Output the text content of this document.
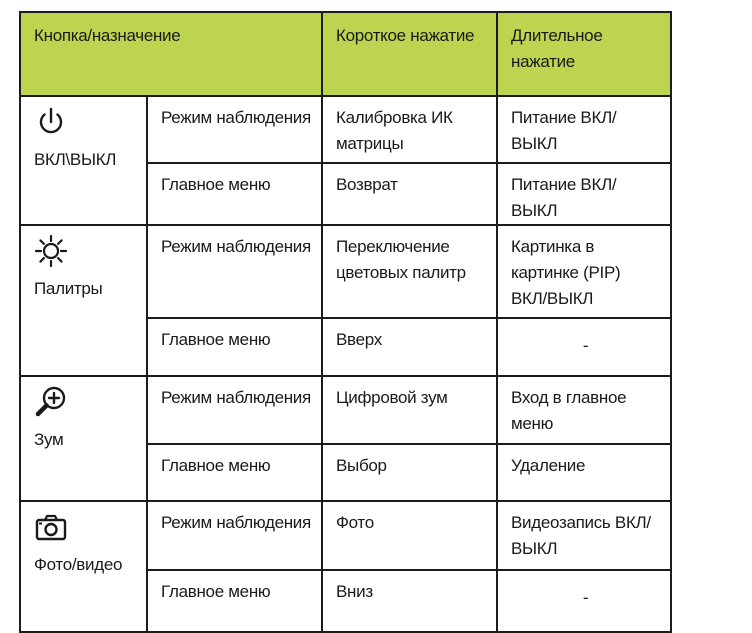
Кнопка/назначение		Короткое нажатие	Длительное нажатие

ВКЛ\ВЫКЛ	Режим наблюдения	Калибровка ИК матрицы	Питание ВКЛ/ВЫКЛ
	Главное меню	Возврат	Питание ВКЛ/ВЫКЛ

Палитры	Режим наблюдения	Переключение цветовых палитр	Картинка в картинке (PIP) ВКЛ/ВЫКЛ
	Главное меню	Вверх	-

Зум	Режим наблюдения	Цифровой зум	Вход в главное меню
	Главное меню	Выбор	Удаление

Фото/видео	Режим наблюдения	Фото	Видеозапись ВКЛ/ ВЫКЛ
	Главное меню	Вниз	-
